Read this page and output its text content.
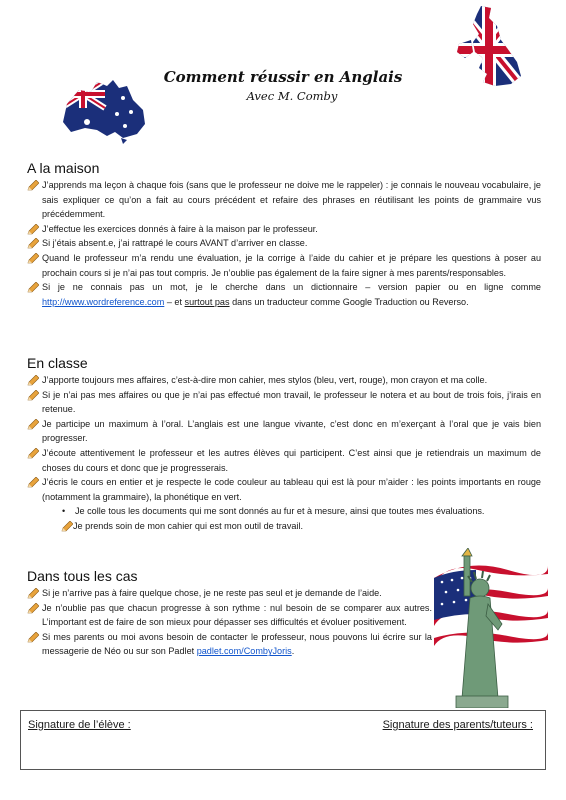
Comment réussir en Anglais
Avec M. Comby
A la maison
J’apprends ma leçon à chaque fois (sans que le professeur ne doive me le rappeler) : je connais le nouveau vocabulaire, je sais expliquer ce qu’on a fait au cours précédent et refaire des phrases en réutilisant les points de grammaire vus précédemment.
J’effectue les exercices donnés à faire à la maison par le professeur.
Si j’étais absent.e, j’ai rattrapé le cours AVANT d’arriver en classe.
Quand le professeur m’a rendu une évaluation, je la corrige à l’aide du cahier et je prépare les questions à poser au prochain cours si je n’ai pas tout compris. Je n’oublie pas également de la faire signer à mes parents/responsables.
Si je ne connais pas un mot, je le cherche dans un dictionnaire – version papier ou en ligne comme http://www.wordreference.com – et surtout pas dans un traducteur comme Google Traduction ou Reverso.
En classe
J’apporte toujours mes affaires, c’est-à-dire mon cahier, mes stylos (bleu, vert, rouge), mon crayon et ma colle.
Si je n’ai pas mes affaires ou que je n’ai pas effectué mon travail, le professeur le notera et au bout de trois fois, j’irais en retenue.
Je participe un maximum à l’oral. L’anglais est une langue vivante, c’est donc en m’exerçant à l’oral que je vais bien progresser.
J’écoute attentivement le professeur et les autres élèves qui participent. C’est ainsi que je retiendrais un maximum de choses du cours et donc que je progresserais.
J’écris le cours en entier et je respecte le code couleur au tableau qui est là pour m’aider : les points importants en rouge (notamment la grammaire), la phonétique en vert.
• Je colle tous les documents qui me sont donnés au fur et à mesure, ainsi que toutes mes évaluations.
Je prends soin de mon cahier qui est mon outil de travail.
Dans tous les cas
Si je n’arrive pas à faire quelque chose, je ne reste pas seul et je demande de l’aide.
Je n’oublie pas que chacun progresse à son rythme : nul besoin de se comparer aux autres. L’important est de faire de son mieux pour dépasser ses difficultés et évoluer positivement.
Si mes parents ou moi avons besoin de contacter le professeur, nous pouvons lui écrire sur la messagerie de Néo ou sur son Padlet padlet.com/CombyJoris.
Signature de l’élève :	Signature des parents/tuteurs :
